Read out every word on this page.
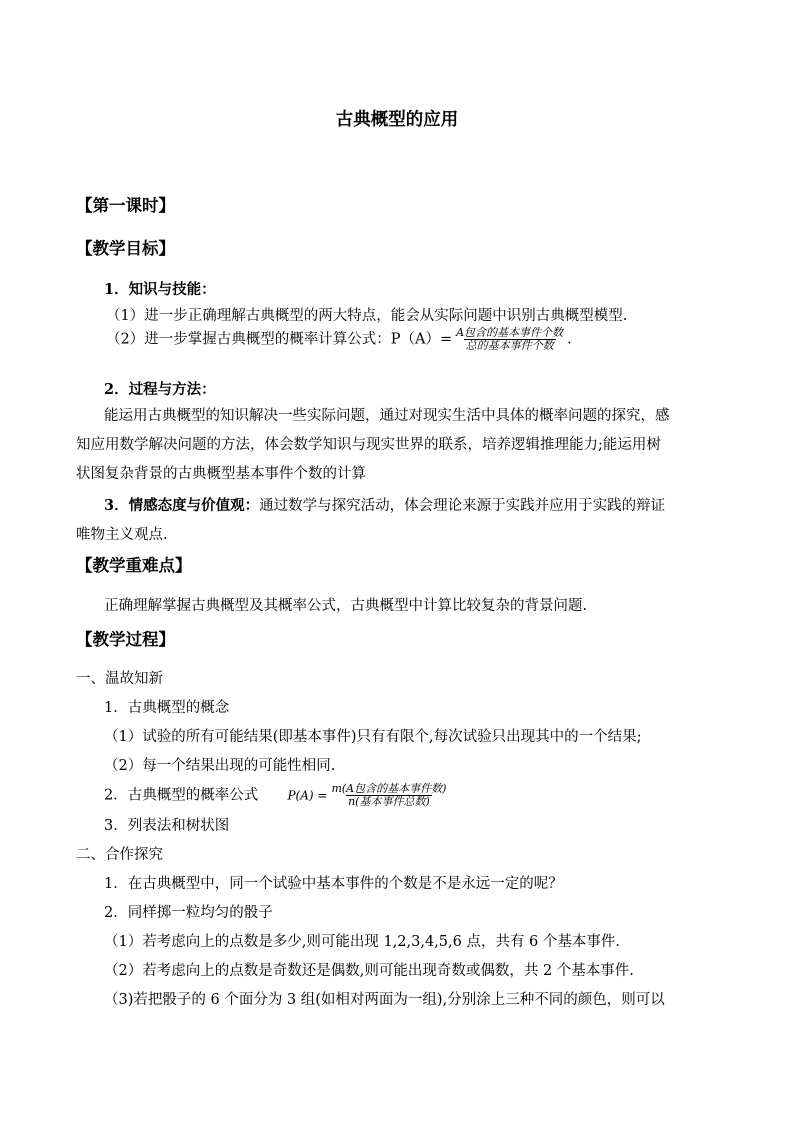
古典概型的应用
【第一课时】
【教学目标】
1．知识与技能：
（1）进一步正确理解古典概型的两大特点，能会从实际问题中识别古典概型模型.
（2）进一步掌握古典概型的概率计算公式：$P(A)= \frac{\text{A包含的基本事件个数}}{\text{总的基本事件个数}}$ .
2．过程与方法：
能运用古典概型的知识解决一些实际问题，通过对现实生活中具体的概率问题的探究，感
知应用数学解决问题的方法，体会数学知识与现实世界的联系，培养逻辑推理能力;能运用树
状图复杂背景的古典概型基本事件个数的计算
3．情感态度与价值观：通过数学与探究活动，体会理论来源于实践并应用于实践的辩证
唯物主义观点.
【教学重难点】
正确理解掌握古典概型及其概率公式，古典概型中计算比较复杂的背景问题.
【教学过程】
一、温故知新
1．古典概型的概念
（1）试验的所有可能结果(即基本事件)只有有限个,每次试验只出现其中的一个结果;
（2）每一个结果出现的可能性相同.
2．古典概型的概率公式 $P(A) = \frac{\text{m(A包含的基本事件数)}}{\text{n(基本事件总数)}}$
3．列表法和树状图
二、合作探究
1．在古典概型中，同一个试验中基本事件的个数是不是永远一定的呢？
2．同样掷一粒均匀的骰子
（1）若考虑向上的点数是多少,则可能出现 1,2,3,4,5,6 点，共有 6 个基本事件.
（2）若考虑向上的点数是奇数还是偶数,则可能出现奇数或偶数，共 2 个基本事件.
（3)若把骰子的 6 个面分为 3 组(如相对两面为一组),分别涂上三种不同的颜色，则可以
